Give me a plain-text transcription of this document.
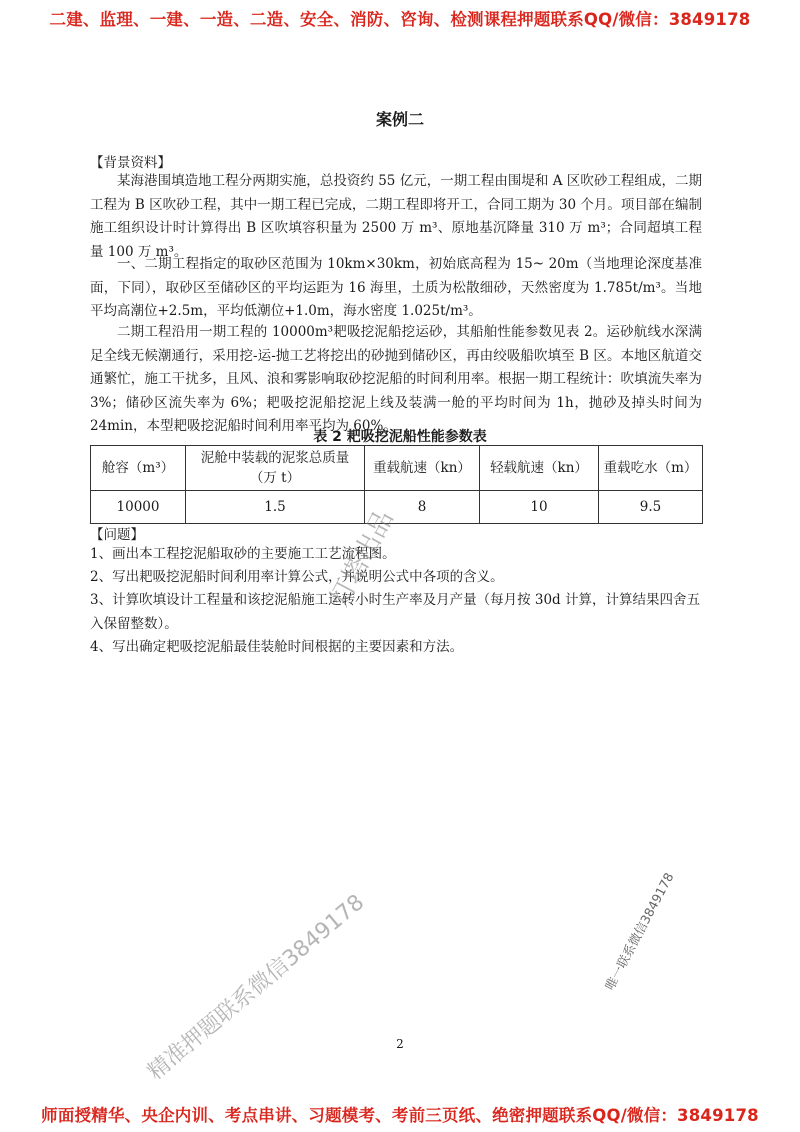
二建、监理、一建、一造、二造、安全、消防、咨询、检测课程押题联系QQ/微信：3849178
案例二
【背景资料】
某海港围填造地工程分两期实施，总投资约 55 亿元，一期工程由围堤和 A 区吹砂工程组成，二期工程为 B 区吹砂工程，其中一期工程已完成，二期工程即将开工，合同工期为 30 个月。项目部在编制施工组织设计时计算得出 B 区吹填容积量为 2500 万 m³、原地基沉降量 310 万 m³；合同超填工程量 100 万 m³。
一、二期工程指定的取砂区范围为 10km×30km，初始底高程为 15~ 20m（当地理论深度基准面，下同），取砂区至储砂区的平均运距为 16 海里，土质为松散细砂，天然密度为 1.785t/m³。当地平均高潮位+2.5m，平均低潮位+1.0m，海水密度 1.025t/m³。
二期工程沿用一期工程的 10000m³耙吸挖泥船挖运砂，其船舶性能参数见表 2。运砂航线水深满足全线无候潮通行，采用挖-运-抛工艺将挖出的砂抛到储砂区，再由绞吸船吹填至 B 区。本地区航道交通繁忙，施工干扰多，且风、浪和雾影响取砂挖泥船的时间利用率。根据一期工程统计：吹填流失率为 3%；储砂区流失率为 6%；耙吸挖泥船挖泥上线及装满一舱的平均时间为 1h，抛砂及掉头时间为 24min，本型耙吸挖泥船时间利用率平均为 60%。
表 2 耙吸挖泥船性能参数表
舱容（m³）	泥舱中装载的泥浆总质量（万 t）	重载航速（kn）	轻载航速（kn）	重载吃水（m）
10000	1.5	8	10	9.5
【问题】
1、画出本工程挖泥船取砂的主要施工工艺流程图。
2、写出耙吸挖泥船时间利用率计算公式，并说明公式中各项的含义。
3、计算吹填设计工程量和该挖泥船施工运转小时生产率及月产量（每月按 30d 计算，计算结果四舍五入保留整数）。
4、写出确定耙吸挖泥船最佳装舱时间根据的主要因素和方法。
灯塔出品
精准押题联系微信3849178	唯一联系微信3849178
2
师面授精华、央企内训、考点串讲、习题模考、考前三页纸、绝密押题联系QQ/微信：3849178
